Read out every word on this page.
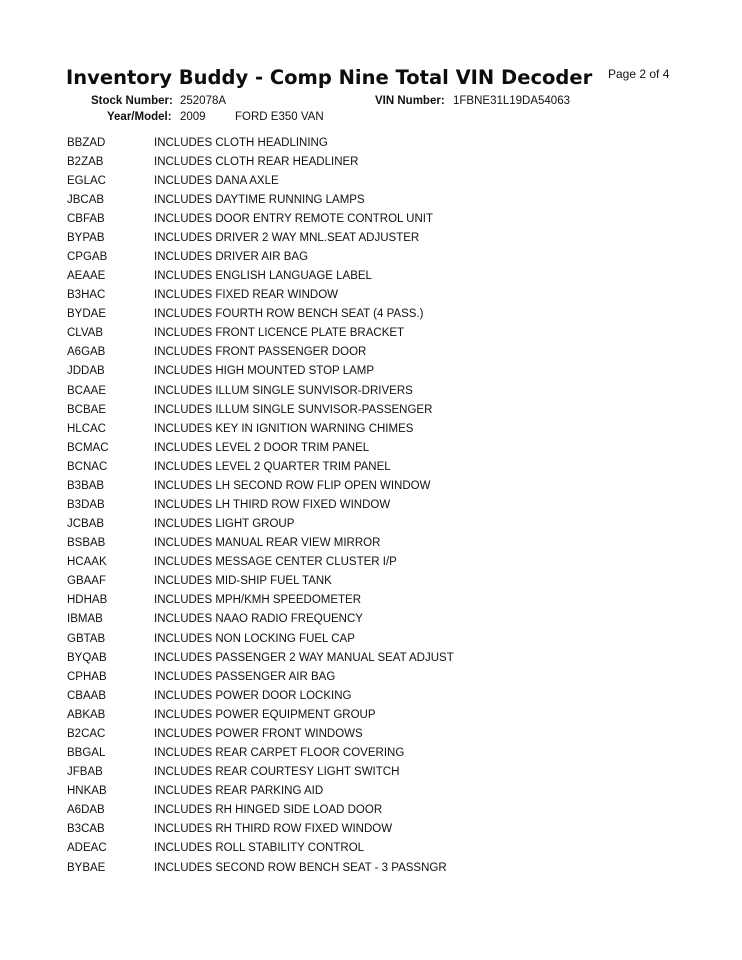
Inventory Buddy - Comp Nine Total VIN Decoder Page 2 of 4
Stock Number: 252078A	VIN Number: 1FBNE31L19DA54063
Year/Model: 2009	FORD E350 VAN
BBZAD	INCLUDES CLOTH HEADLINING
B2ZAB	INCLUDES CLOTH REAR HEADLINER
EGLAC	INCLUDES DANA AXLE
JBCAB	INCLUDES DAYTIME RUNNING LAMPS
CBFAB	INCLUDES DOOR ENTRY REMOTE CONTROL UNIT
BYPAB	INCLUDES DRIVER 2 WAY MNL.SEAT ADJUSTER
CPGAB	INCLUDES DRIVER AIR BAG
AEAAE	INCLUDES ENGLISH LANGUAGE LABEL
B3HAC	INCLUDES FIXED REAR WINDOW
BYDAE	INCLUDES FOURTH ROW BENCH SEAT (4 PASS.)
CLVAB	INCLUDES FRONT LICENCE PLATE BRACKET
A6GAB	INCLUDES FRONT PASSENGER DOOR
JDDAB	INCLUDES HIGH MOUNTED STOP LAMP
BCAAE	INCLUDES ILLUM SINGLE SUNVISOR-DRIVERS
BCBAE	INCLUDES ILLUM SINGLE SUNVISOR-PASSENGER
HLCAC	INCLUDES KEY IN IGNITION WARNING CHIMES
BCMAC	INCLUDES LEVEL 2 DOOR TRIM PANEL
BCNAC	INCLUDES LEVEL 2 QUARTER TRIM PANEL
B3BAB	INCLUDES LH SECOND ROW FLIP OPEN WINDOW
B3DAB	INCLUDES LH THIRD ROW FIXED WINDOW
JCBAB	INCLUDES LIGHT GROUP
BSBAB	INCLUDES MANUAL REAR VIEW MIRROR
HCAAK	INCLUDES MESSAGE CENTER CLUSTER I/P
GBAAF	INCLUDES MID-SHIP FUEL TANK
HDHAB	INCLUDES MPH/KMH SPEEDOMETER
IBMAB	INCLUDES NAAO RADIO FREQUENCY
GBTAB	INCLUDES NON LOCKING FUEL CAP
BYQAB	INCLUDES PASSENGER 2 WAY MANUAL SEAT ADJUST
CPHAB	INCLUDES PASSENGER AIR BAG
CBAAB	INCLUDES POWER DOOR LOCKING
ABKAB	INCLUDES POWER EQUIPMENT GROUP
B2CAC	INCLUDES POWER FRONT WINDOWS
BBGAL	INCLUDES REAR CARPET FLOOR COVERING
JFBAB	INCLUDES REAR COURTESY LIGHT SWITCH
HNKAB	INCLUDES REAR PARKING AID
A6DAB	INCLUDES RH HINGED SIDE LOAD DOOR
B3CAB	INCLUDES RH THIRD ROW FIXED WINDOW
ADEAC	INCLUDES ROLL STABILITY CONTROL
BYBAE	INCLUDES SECOND ROW BENCH SEAT - 3 PASSNGR
